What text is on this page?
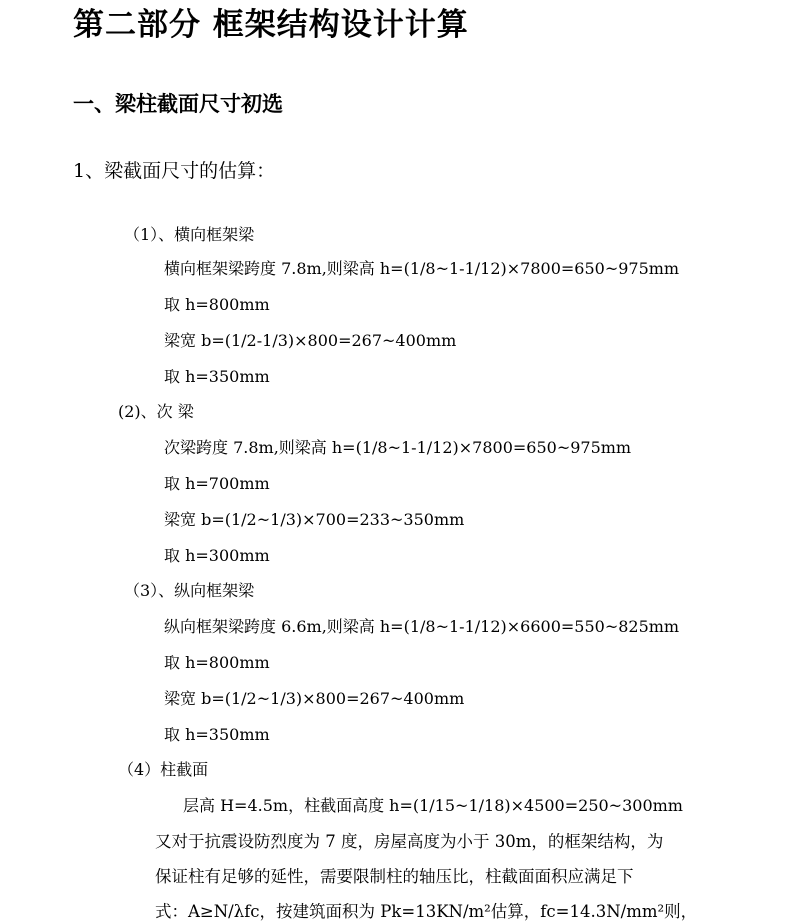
第二部分 框架结构设计计算
一、梁柱截面尺寸初选
1、梁截面尺寸的估算：
（1）、横向框架梁
横向框架梁跨度 7.8m,则梁高 h=(1/8~1-1/12)×7800=650~975mm
取 h=800mm
梁宽 b=(1/2-1/3)×800=267~400mm
取 h=350mm
(2)、次 梁
次梁跨度 7.8m,则梁高 h=(1/8~1-1/12)×7800=650~975mm
取 h=700mm
梁宽 b=(1/2~1/3)×700=233~350mm
取 h=300mm
（3）、纵向框架梁
纵向框架梁跨度 6.6m,则梁高 h=(1/8~1-1/12)×6600=550~825mm
取 h=800mm
梁宽 b=(1/2~1/3)×800=267~400mm
取 h=350mm
（4）柱截面
层高 H=4.5m，柱截面高度 h=(1/15~1/18)×4500=250~300mm
又对于抗震设防烈度为 7 度，房屋高度为小于 30m，的框架结构，为
保证柱有足够的延性，需要限制柱的轴压比，柱截面面积应满足下
式：A≥N/λfc，按建筑面积为 Pk=13KN/m²估算，fc=14.3N/mm²则，
